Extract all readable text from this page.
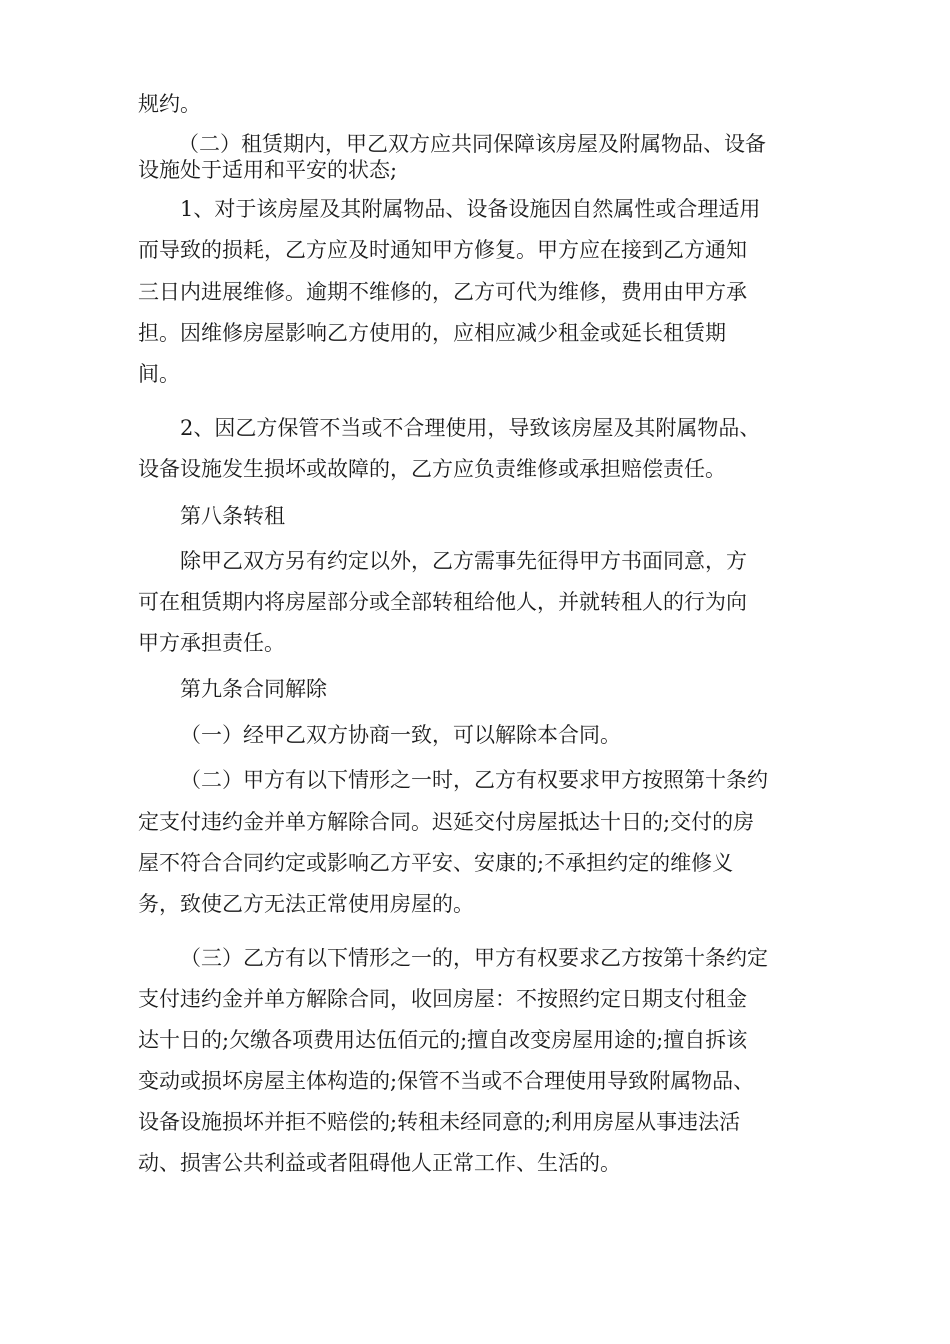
规约。
（二）租赁期内，甲乙双方应共同保障该房屋及附属物品、设备
设施处于适用和平安的状态;
1、对于该房屋及其附属物品、设备设施因自然属性或合理适用
而导致的损耗，乙方应及时通知甲方修复。甲方应在接到乙方通知
三日内进展维修。逾期不维修的，乙方可代为维修，费用由甲方承
担。因维修房屋影响乙方使用的，应相应减少租金或延长租赁期
间。
2、因乙方保管不当或不合理使用，导致该房屋及其附属物品、
设备设施发生损坏或故障的，乙方应负责维修或承担赔偿责任。
第八条转租
除甲乙双方另有约定以外，乙方需事先征得甲方书面同意，方
可在租赁期内将房屋部分或全部转租给他人，并就转租人的行为向
甲方承担责任。
第九条合同解除
（一）经甲乙双方协商一致，可以解除本合同。
（二）甲方有以下情形之一时，乙方有权要求甲方按照第十条约
定支付违约金并单方解除合同。迟延交付房屋抵达十日的;交付的房
屋不符合合同约定或影响乙方平安、安康的;不承担约定的维修义
务，致使乙方无法正常使用房屋的。
（三）乙方有以下情形之一的，甲方有权要求乙方按第十条约定
支付违约金并单方解除合同，收回房屋：不按照约定日期支付租金
达十日的;欠缴各项费用达伍佰元的;擅自改变房屋用途的;擅自拆该
变动或损坏房屋主体构造的;保管不当或不合理使用导致附属物品、
设备设施损坏并拒不赔偿的;转租未经同意的;利用房屋从事违法活
动、损害公共利益或者阻碍他人正常工作、生活的。
